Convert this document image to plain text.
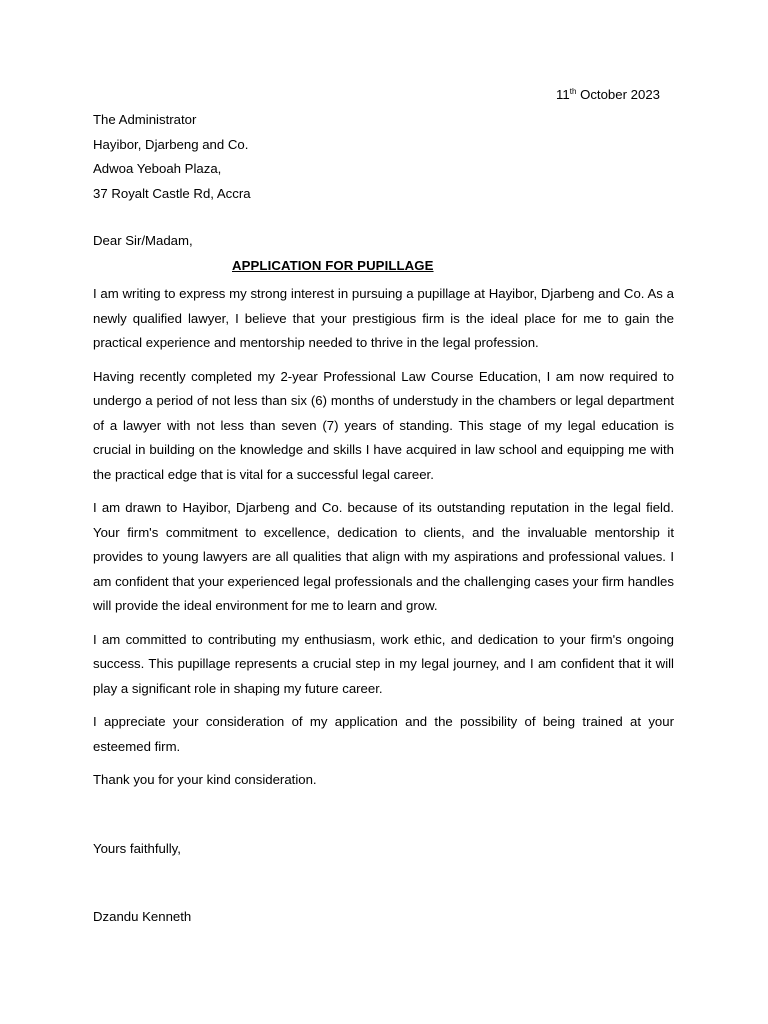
11th October 2023
The Administrator
Hayibor, Djarbeng and Co.
Adwoa Yeboah Plaza,
37 Royalt Castle Rd, Accra
Dear Sir/Madam,
APPLICATION FOR PUPILLAGE

I am writing to express my strong interest in pursuing a pupillage at Hayibor, Djarbeng and Co. As a newly qualified lawyer, I believe that your prestigious firm is the ideal place for me to gain the practical experience and mentorship needed to thrive in the legal profession.

Having recently completed my 2-year Professional Law Course Education, I am now required to undergo a period of not less than six (6) months of understudy in the chambers or legal department of a lawyer with not less than seven (7) years of standing. This stage of my legal education is crucial in building on the knowledge and skills I have acquired in law school and equipping me with the practical edge that is vital for a successful legal career.

I am drawn to Hayibor, Djarbeng and Co. because of its outstanding reputation in the legal field. Your firm's commitment to excellence, dedication to clients, and the invaluable mentorship it provides to young lawyers are all qualities that align with my aspirations and professional values. I am confident that your experienced legal professionals and the challenging cases your firm handles will provide the ideal environment for me to learn and grow.

I am committed to contributing my enthusiasm, work ethic, and dedication to your firm's ongoing success. This pupillage represents a crucial step in my legal journey, and I am confident that it will play a significant role in shaping my future career.

I appreciate your consideration of my application and the possibility of being trained at your esteemed firm.

Thank you for your kind consideration.

Yours faithfully,
Dzandu Kenneth
